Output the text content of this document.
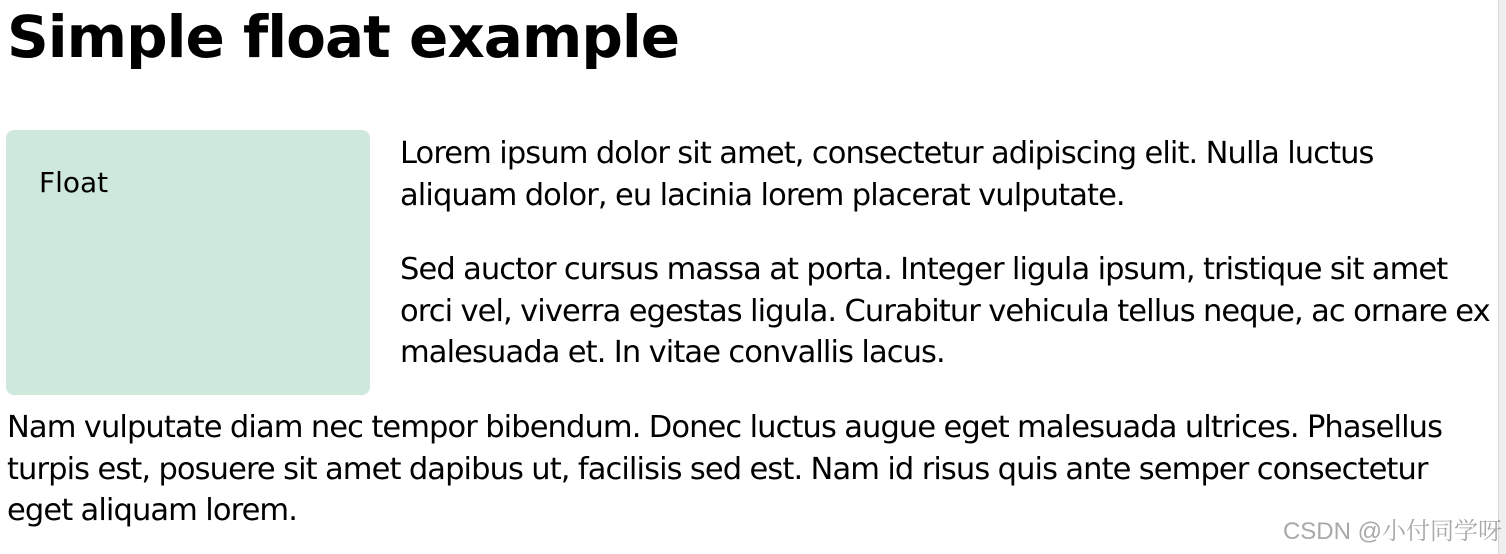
Simple float example
Float

Lorem ipsum dolor sit amet, consectetur adipiscing elit. Nulla luctus aliquam dolor, eu lacinia lorem placerat vulputate.

Sed auctor cursus massa at porta. Integer ligula ipsum, tristique sit amet orci vel, viverra egestas ligula. Curabitur vehicula tellus neque, ac ornare ex malesuada et. In vitae convallis lacus.

Nam vulputate diam nec tempor bibendum. Donec luctus augue eget malesuada ultrices. Phasellus turpis est, posuere sit amet dapibus ut, facilisis sed est. Nam id risus quis ante semper consectetur eget aliquam lorem.

CSDN @小付同学呀
